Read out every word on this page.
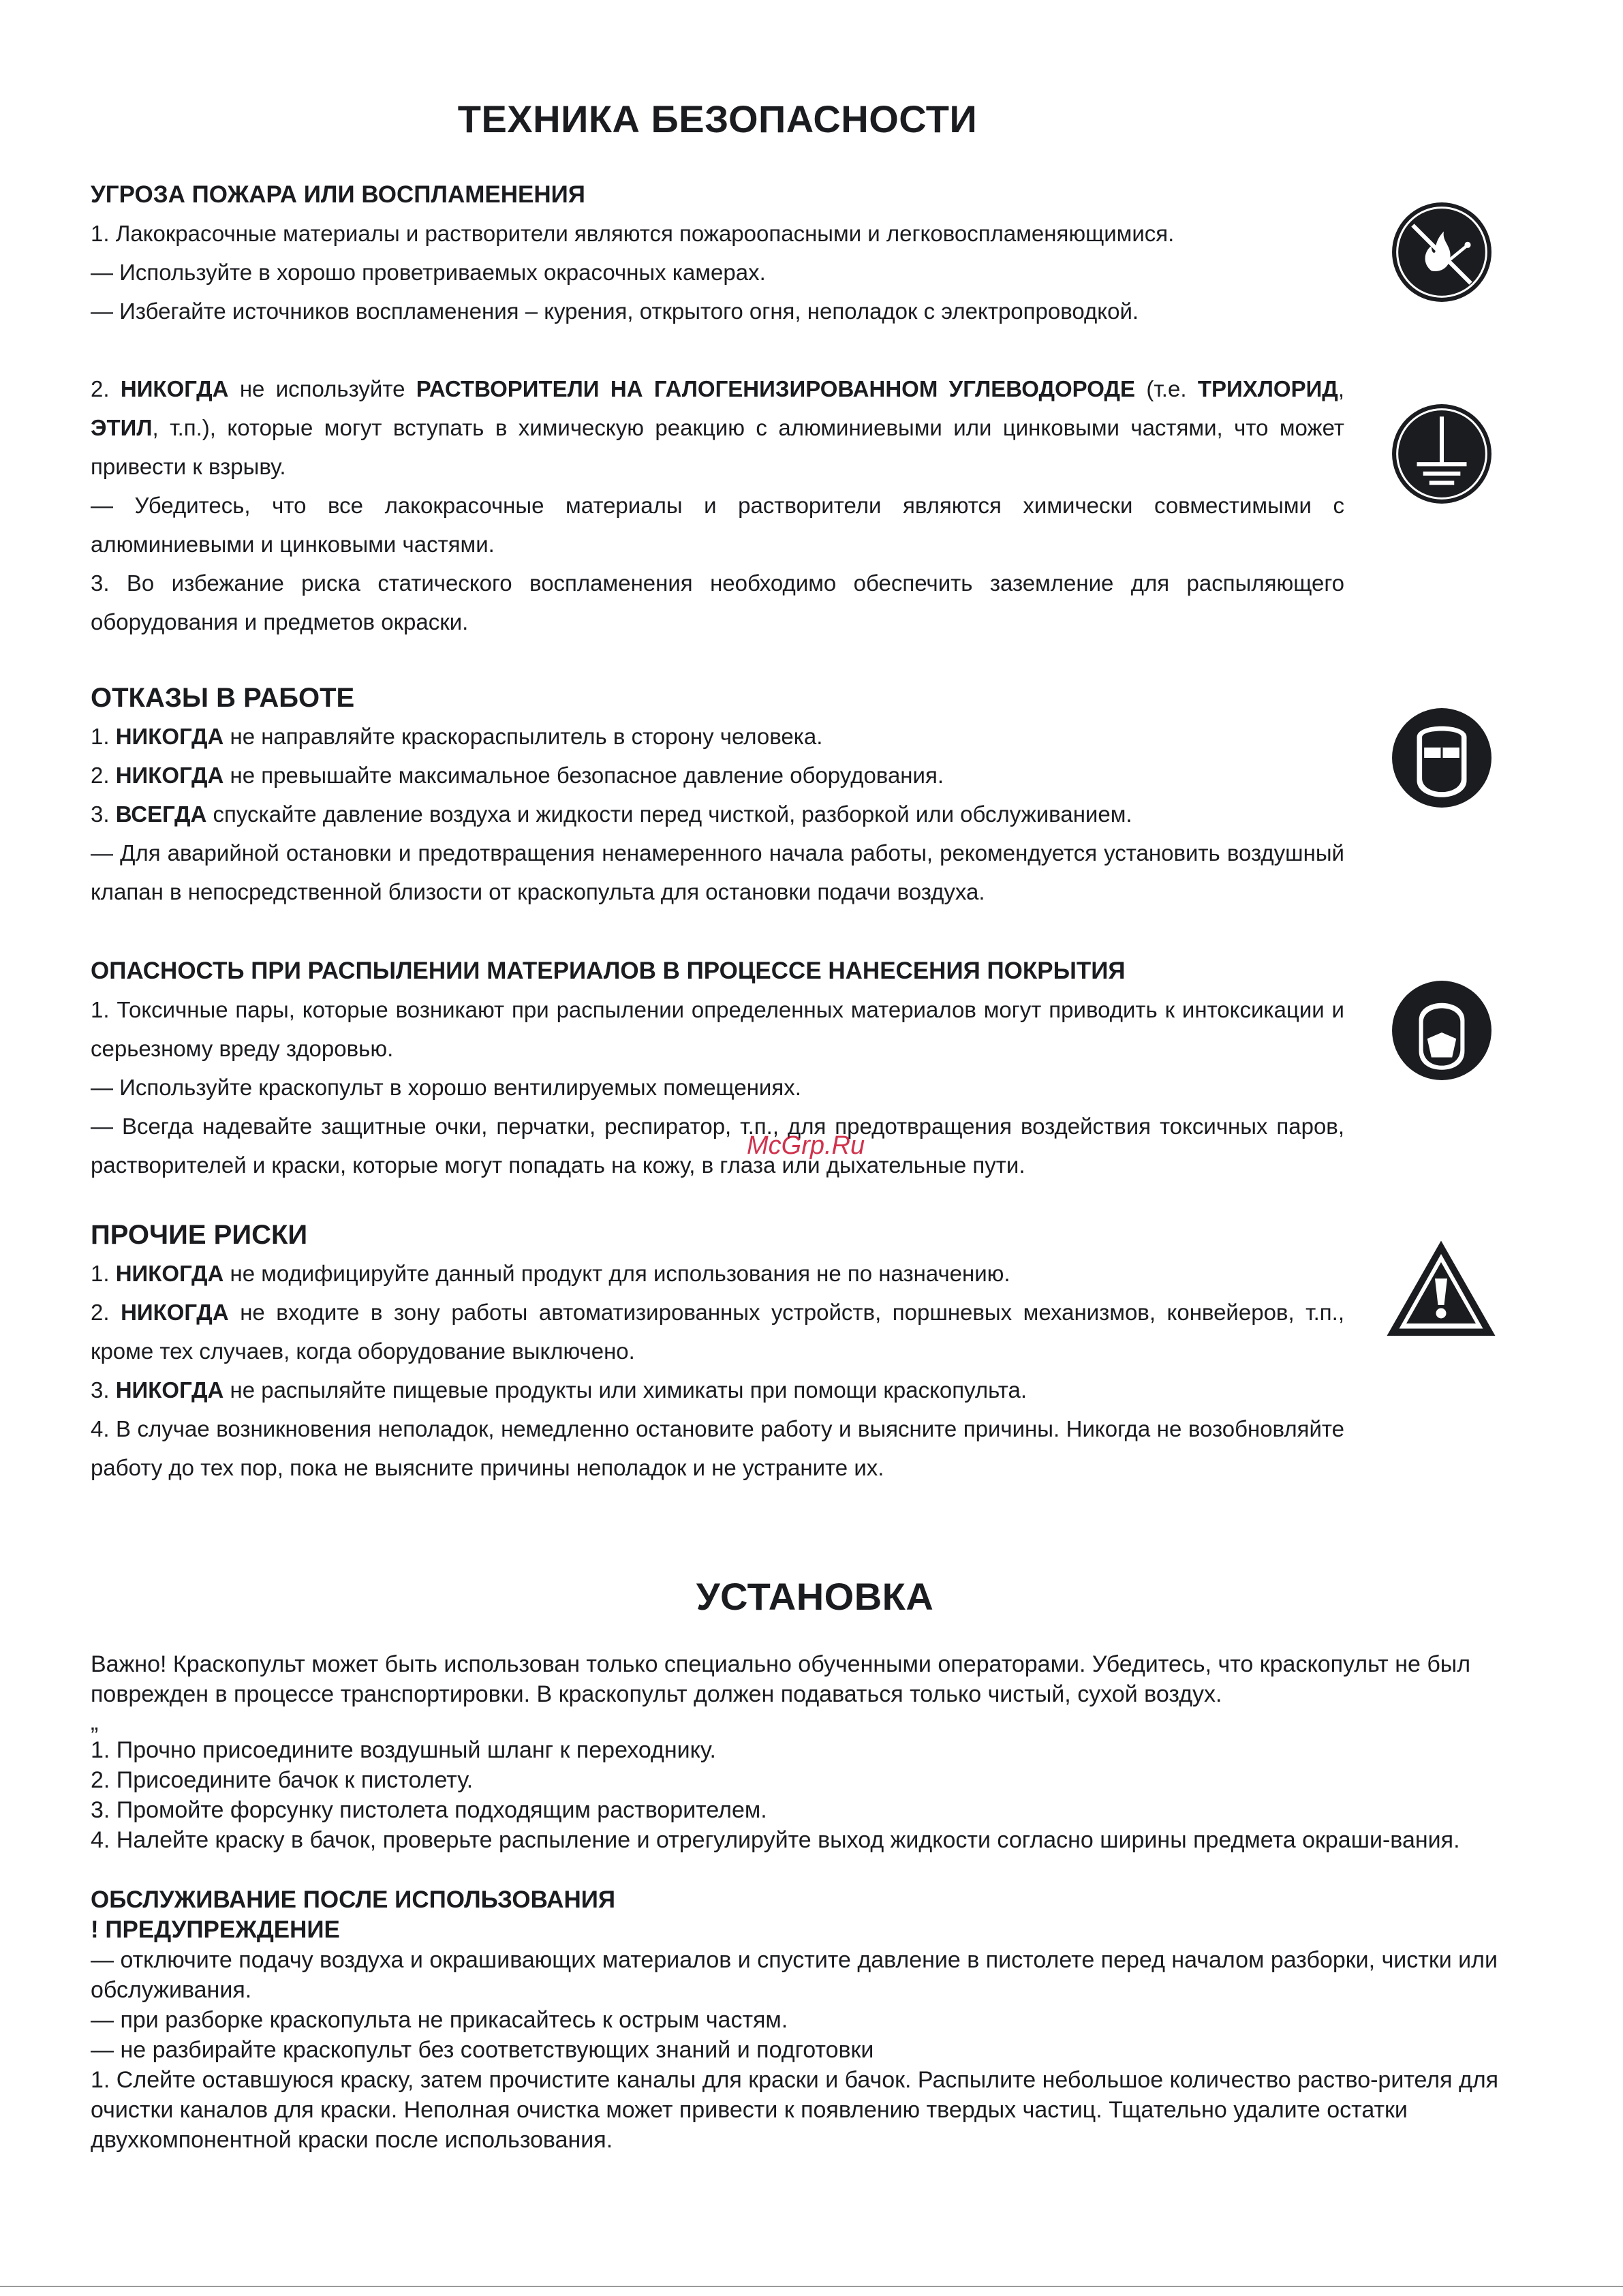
ТЕХНИКА БЕЗОПАСНОСТИ

УГРОЗА ПОЖАРА ИЛИ ВОСПЛАМЕНЕНИЯ

1. Лакокрасочные материалы и растворители являются пожароопасными и легковоспламеняющимися.

— Используйте в хорошо проветриваемых окрасочных камерах.

— Избегайте источников воспламенения – курения, открытого огня, неполадок с электропроводкой.

2. НИКОГДА не используйте РАСТВОРИТЕЛИ НА ГАЛОГЕНИЗИРОВАННОМ УГЛЕВОДОРОДЕ (т.е. ТРИХЛОРИД, ЭТИЛ, т.п.), которые могут вступать в химическую реакцию с алюминиевыми или цинковыми частями, что может привести к взрыву.

— Убедитесь, что все лакокрасочные материалы и растворители являются химически совместимыми с алюминиевыми и цинковыми частями.

3. Во избежание риска статического воспламенения необходимо обеспечить заземление для распыляющего оборудования и предметов окраски.

ОТКАЗЫ В РАБОТЕ

1. НИКОГДА не направляйте краскораспылитель в сторону человека.

2. НИКОГДА не превышайте максимальное безопасное давление оборудования.

3. ВСЕГДА спускайте давление воздуха и жидкости перед чисткой, разборкой или обслуживанием.

— Для аварийной остановки и предотвращения ненамеренного начала работы, рекомендуется установить воздушный клапан в непосредственной близости от краскопульта для остановки подачи воздуха.

ОПАСНОСТЬ ПРИ РАСПЫЛЕНИИ МАТЕРИАЛОВ В ПРОЦЕССЕ НАНЕСЕНИЯ ПОКРЫТИЯ

1. Токсичные пары, которые возникают при распылении определенных материалов могут приводить к интоксикации и серьезному вреду здоровью.

— Используйте краскопульт в хорошо вентилируемых помещениях.

— Всегда надевайте защитные очки, перчатки, респиратор, т.п., для предотвращения воздействия токсичных паров, растворителей и краски, которые могут попадать на кожу, в глаза или дыхательные пути.

ПРОЧИЕ РИСКИ

1. НИКОГДА не модифицируйте данный продукт для использования не по назначению.

2. НИКОГДА не входите в зону работы автоматизированных устройств, поршневых механизмов, конвейеров, т.п., кроме тех случаев, когда оборудование выключено.

3. НИКОГДА не распыляйте пищевые продукты или химикаты при помощи краскопульта.

4. В случае возникновения неполадок, немедленно остановите работу и выясните причины. Никогда не возобновляйте работу до тех пор, пока не выясните причины неполадок и не устраните их.

McGrp.Ru

УСТАНОВКА

Важно! Краскопульт может быть использован только специально обученными операторами. Убедитесь, что краскопульт не был поврежден в процессе транспортировки. В краскопульт должен подаваться только чистый, сухой воздух.

„

1. Прочно присоедините воздушный шланг к переходнику.

2. Присоедините бачок к пистолету.

3. Промойте форсунку пистолета подходящим растворителем.

4. Налейте краску в бачок, проверьте распыление и отрегулируйте выход жидкости согласно ширины предмета окраши-вания.

ОБСЛУЖИВАНИЕ ПОСЛЕ ИСПОЛЬЗОВАНИЯ

! ПРЕДУПРЕЖДЕНИЕ

— отключите подачу воздуха и окрашивающих материалов и спустите давление в пистолете перед началом разборки, чистки или обслуживания.

— при разборке краскопульта не прикасайтесь к острым частям.

— не разбирайте краскопульт без соответствующих знаний и подготовки

1. Слейте оставшуюся краску, затем прочистите каналы для краски и бачок. Распылите небольшое количество раство-рителя для очистки каналов для краски. Неполная очистка может привести к появлению твердых частиц. Тщательно удалите остатки двухкомпонентной краски после использования.
